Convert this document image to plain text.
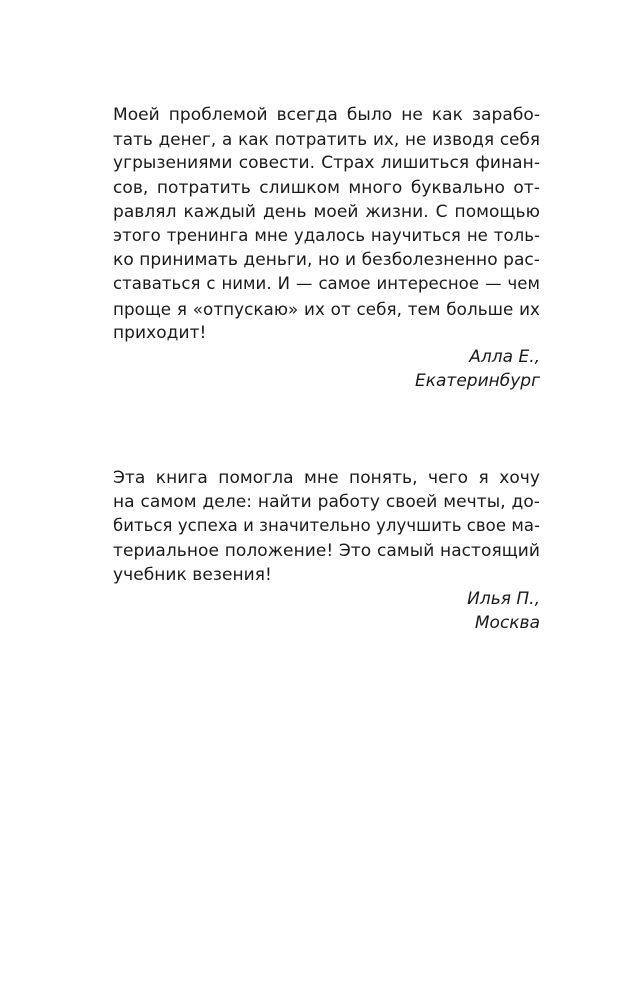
Моей проблемой всегда было не как зарабо-
тать денег, а как потратить их, не изводя себя
угрызениями совести. Страх лишиться финан-
сов, потратить слишком много буквально от-
равлял каждый день моей жизни. С помощью
этого тренинга мне удалось научиться не толь-
ко принимать деньги, но и безболезненно рас-
ставаться с ними. И — самое интересное — чем
проще я «отпускаю» их от себя, тем больше их
приходит!
Алла Е.,
Екатеринбург
Эта книга помогла мне понять, чего я хочу
на самом деле: найти работу своей мечты, до-
биться успеха и значительно улучшить свое ма-
териальное положение! Это самый настоящий
учебник везения!
Илья П.,
Москва
